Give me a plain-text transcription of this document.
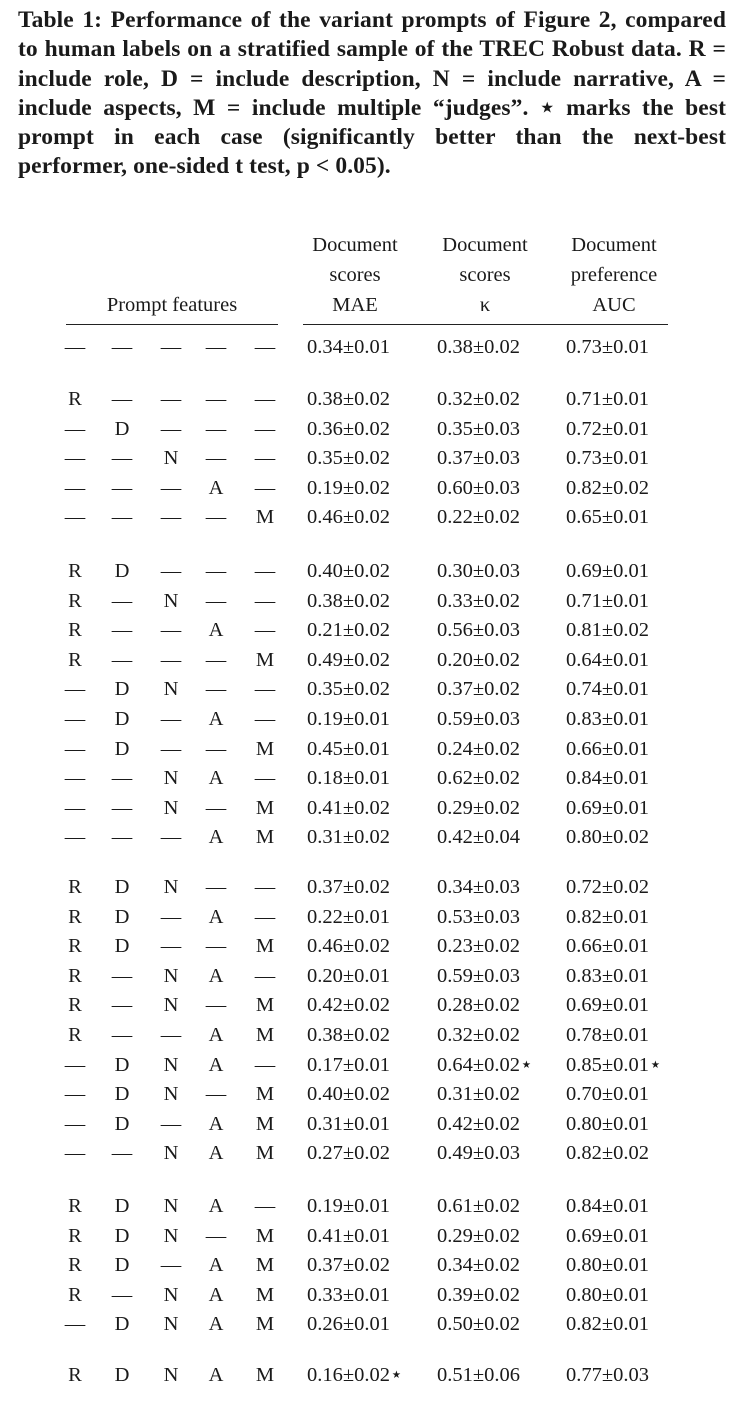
Table 1: Performance of the variant prompts of Figure 2, compared to human labels on a stratified sample of the TREC Robust data. R = include role, D = include description, N = include narrative, A = include aspects, M = include multiple “judges”. ⋆ marks the best prompt in each case (significantly better than the next-best performer, one-sided t test, p < 0.05).
Prompt features
Document
scores
MAE
Document
scores
κ
Document
preference
AUC
— — — — — 0.34±0.01 0.38±0.02 0.73±0.01
R	— — — — 0.38±0.02 0.32±0.02 0.71±0.01
—	D	— — — 0.36±0.02 0.35±0.03 0.72±0.01
— —	N	— — 0.35±0.02 0.37±0.03 0.73±0.01
— — —	A	— 0.19±0.02 0.60±0.03 0.82±0.02
— — — — M 0.46±0.02 0.22±0.02 0.65±0.01
R	D	— — — 0.40±0.02 0.30±0.03 0.69±0.01
R	—	N	— — 0.38±0.02 0.33±0.02 0.71±0.01
R	— —	A	— 0.21±0.02 0.56±0.03 0.81±0.02
R	— — — M 0.49±0.02 0.20±0.02 0.64±0.01
—	D	N	— — 0.35±0.02 0.37±0.02 0.74±0.01
—	D	—	A	— 0.19±0.01 0.59±0.03 0.83±0.01
—	D	— — M 0.45±0.01 0.24±0.02 0.66±0.01
— —	N	A	— 0.18±0.01 0.62±0.02 0.84±0.01
— —	N	— M 0.41±0.02 0.29±0.02 0.69±0.01
— — —	A	M 0.31±0.02 0.42±0.04 0.80±0.02
R	D	N	— — 0.37±0.02 0.34±0.03 0.72±0.02
R	D	—	A	— 0.22±0.01 0.53±0.03 0.82±0.01
R	D	— — M 0.46±0.02 0.23±0.02 0.66±0.01
R	—	N	A	— 0.20±0.01 0.59±0.03 0.83±0.01
R	—	N	— M 0.42±0.02 0.28±0.02 0.69±0.01
R	— —	A	M 0.38±0.02 0.32±0.02 0.78±0.01
—	D	N	A	— 0.17±0.01 0.64±0.02⋆ 0.85±0.01⋆
—	D	N	— M 0.40±0.02 0.31±0.02 0.70±0.01
—	D	—	A	M 0.31±0.01 0.42±0.02 0.80±0.01
— —	N	A	M 0.27±0.02 0.49±0.03 0.82±0.02
R	D	N	A	— 0.19±0.01 0.61±0.02 0.84±0.01
R	D	N	— M 0.41±0.01 0.29±0.02 0.69±0.01
R	D	—	A	M 0.37±0.02 0.34±0.02 0.80±0.01
R	—	N	A	M 0.33±0.01 0.39±0.02 0.80±0.01
—	D	N	A	M 0.26±0.01 0.50±0.02 0.82±0.01
R	D	N	A	M 0.16±0.02⋆ 0.51±0.06 0.77±0.03
